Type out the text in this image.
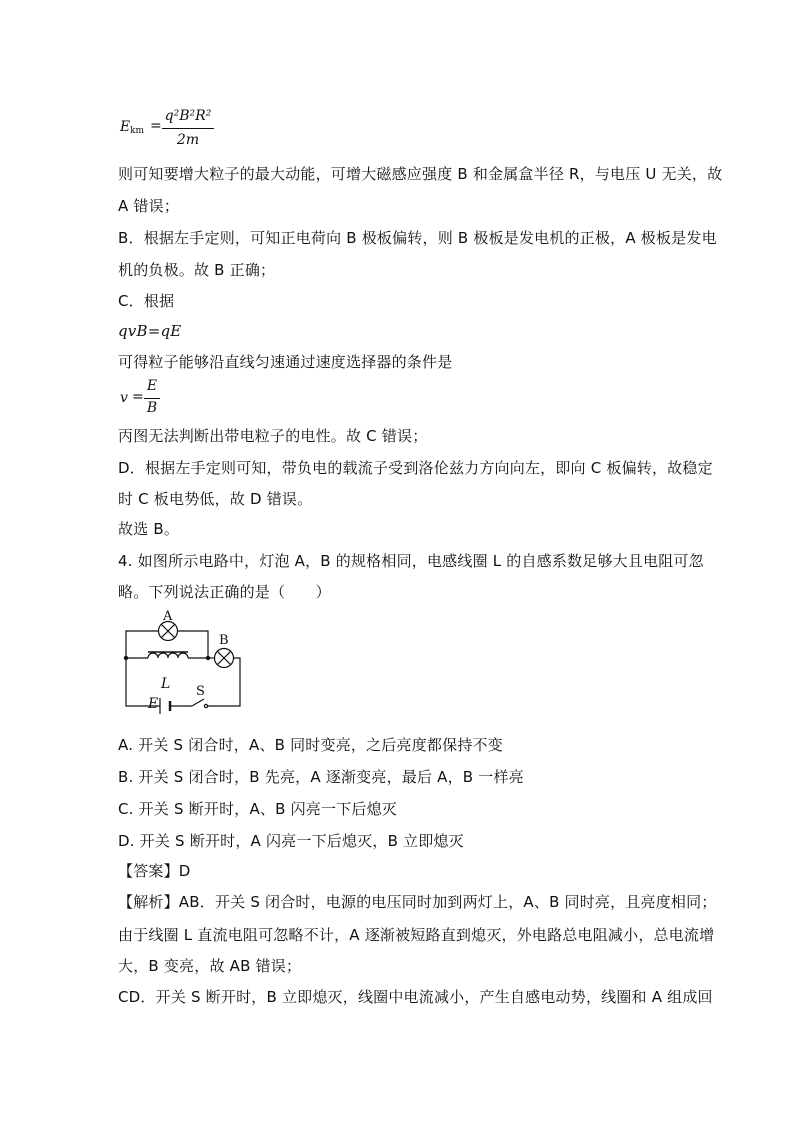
E km =
q²B²R²
2m
则可知要增大粒子的最大动能，可增大磁感应强度 B 和金属盒半径 R，与电压 U 无关，故
A 错误；
B．根据左手定则，可知正电荷向 B 极板偏转，则 B 极板是发电机的正极，A 极板是发电
机的负极。故 B 正确；
C．根据
qvB=qE
可得粒子能够沿直线匀速通过速度选择器的条件是
v =
E
B
丙图无法判断出带电粒子的电性。故 C 错误；
D．根据左手定则可知，带负电的载流子受到洛伦兹力方向向左，即向 C 板偏转，故稳定
时 C 板电势低，故 D 错误。
故选 B。
4. 如图所示电路中，灯泡 A，B 的规格相同，电感线圈 L 的自感系数足够大且电阻可忽
略。下列说法正确的是（　　）
A
B
L
E
S
A. 开关 S 闭合时，A、B 同时变亮，之后亮度都保持不变
B. 开关 S 闭合时，B 先亮，A 逐渐变亮，最后 A，B 一样亮
C. 开关 S 断开时，A、B 闪亮一下后熄灭
D. 开关 S 断开时，A 闪亮一下后熄灭，B 立即熄灭
【答案】D
【解析】AB．开关 S 闭合时，电源的电压同时加到两灯上，A、B 同时亮，且亮度相同；
由于线圈 L 直流电阻可忽略不计，A 逐渐被短路直到熄灭，外电路总电阻减小，总电流增
大，B 变亮，故 AB 错误；
CD．开关 S 断开时，B 立即熄灭，线圈中电流减小，产生自感电动势，线圈和 A 组成回
